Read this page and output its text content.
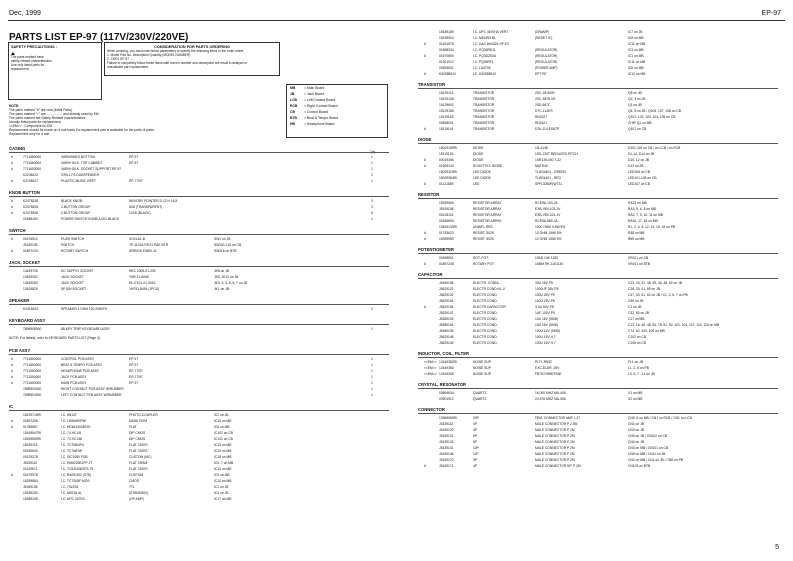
Dec, 1999	EP-97
PARTS LIST EP-97 (117V/230V/220VE)
SAFETY PRECAUTIONS :
The parts marked have
safety-related characteristics.
Use only listed parts for
replacement.
CONSIDERATION FOR PARTS ORDERING
When ordering, you must note below paramaters to specify the following items in the order sheet.
1. Model Part No. Description Quantity (MODEL NUMBER)
2. J3001 EP-97 ...
Failure to completely follow these items with correct number and description will result in delayed or
unavailable part replacement.
NOTE:
The parts marked "#" are new (Initial Parts).
The parts marked "+" are ................. and already used by EM.
The parts marked are Safety-Related characteristics.
Usually listed parts for replacement.
<<EM>> : Component for EM.
Replacement should be made on a unit basis if a replacement part is available for the parts of parts.
Replacement only for a unit.
MB	= Main Board
JB	= Jack Board
LCB = Left Contact Board
RCB = Right Contact Board
CB	= Control Board
BTB = Beat & Tempo Board
HB	= Headphone Board
CASING
#	7711669000	VARNISHED BOTTOM	EP-97	1
#	7711660000	VARN+SILK. TOP CABINET	EP-97	1
#	7711603000	VARN+SILK. SOCKET SUPPORT EP-97	1
K2248122	GRILL F/LOUDSPEAKER	2
#	K2198107	PLASTIC MUSIC REST	EP-77/97	1
KNOB BUTTON
#	K2478238	BLACK KNOB	W/IVORY POINTER D.12 H.16,5	3
#	K2478208	2-BUTTON GROUP	8X8 (TRANSPARENT)	3
#	K2478308	2-BUTTON GROUP	12X8 (BLACK)	5
22488183	POWER SWITCH KNOB A.001-BLACK	1
SWITCH
#	01676512	PUSH SWITCH	SCKLA1-B	SW1 on JB
J3169105	SWITCH	TP-1101A F/E/O-PAE 05 R	SW101-115 on CB
#	01897234	ROTARY SWITCH	SRBV15-F0820-11	SW116 on BTB
JACK, SOCKET
13449726	DC SUPPLY SOCKET	HEC 2305-01-230	JK8 on JB
13449252	JACK SOCKET	YKB 21-6006	JK5, JK10 on JB
13449283	JACK SOCKET	HLJ7101-01-3010	JK3, 3, 4, 5, 6, 7 on JB
13429825	5P DIN SOCKET	YKF51-5054 (JPCS)	JK1 on JB
SPEAKER
K2418103	SPEAKER 4 OHM 120,20W/FX	2
KEYBOARD ASSY
7698908000	88-KEY TP8P KEYBOARD ASSY	1
NOTE: For details, refer to KEYBOARD PARTS LIST (Page 4).
PCB ASSY
#	7711600000	CONTROL PCB ASSY	EP-97	1
#	7711600000	BEAT & TEMPO PCB ASSY	EP-97	1
#	7711550000	HEADPHONE PCB ASSY	EP-77/97	1
#	7711500000	JACK PCB ASSY	EP-77/97	1
#	7711600000	MAIN PCB ASSY	EP-97	1
7698903000	RIGHT CONTACT PCB ASSY W/RUBBER	1
7698904000	LEFT CONTACT PCB ASSY W/RUBBER	1
IC
15229718RI	I.C. 6N137	PHOTO-COUPLER	IC2 on JB
#	01897256	I.C. LH5MHERW	MASK ROM	IC16 on MB
#	01786667	I.C. HD6413006F20	FLAT	IC6 on MB
15169547RI	I.C. 74 HC 08	DIP CMOS	IC102 on CB
15169550RI	I.C. 74 HC138	DIP CMOS	IC101 on CB
15249115	I.C. TC7W04FU	FLAT CMOS	IC13 on MB
00330640	I.C. TC7WH4F	FLAT CMOS	IC20 on MB
00129278	I.C. ISC1080 FOB	CUSTOM (MC)	IC18 on MB
J5259110	I.C. HM6225ELFP-7T	FLAT SRAM	IC5, 7 on MB
01129672	I.C. TC5416302FS-T5	FLAT CMOS	IC14 on MB
#	01679978	I.C. RA09-002 (X76)	CUSTOM	IC9 on MB
15259884	I.C. TC7S08F MOS	CMOS	IC10 on MB
J5169106	I.C. 74LS04	TTL	IC1 on JB
15189250	I.C. M5218 AL	(STANDING)	IC4 on JB
15289105	I.C. UPC 4570G	(OP AMP)	IC17 on MB
15189189	I.C. UPC 4570HA VERT	(DRAMP)	IC7 on JB
15199904	I.C. M51953 BL	(RESET IC)	IC8 on MB
#	01451578	I.C. DAC AK4324-VF-E2	IC11 on MB
01898334	I.C. PQ05RD11	(REGULATOR)	IC3 on MB
#	01670890	I.C. PQ3DZ53U	(REGULATOR)	IC1 on MB
01901012	I.C. PQ05RF1	(REGULATOR)	IC11 on MB
00553601	I.C. LA4705	(POWER AMP)	IC8 on MB
#	K52585910	I.C. K52585910	EP7797	IC10 on MB
TRANSISTOR
15129114	TRANSISTOR	2SC-1815GR	Q8 on JB
15129136	TRANSISTOR	2SC-3878-VS	Q2, 3 on JB
15129692	TRANSISTOR	2SD-667C	Q1 on JB
15129186	TRANSISTOR	DTC-114ES	Q4, 5 on JB / Q105, 107, 108 on CB
15119163	TRANSISTOR	RN2227	Q101, 102, 103, 104, 105 on CB
00898001	TRANSISTOR	RN2421	CHIP Q1 on MB
#	15119141	TRANSISTOR	DTA-114 ESATP	Q101 on CB
DIODE
15019159RI	DIODE	1N-4148	D101-115 on CB / on LCB / on RCB
15119126	DIODE	1SS-133T REDUCED PITCH	D1-14, D14 on JB
#	00019356	DIODE	1SR139-400 T-32	D10, 12 on JB
#	01905134	SCHOTTKY DIODE	MATD40	D13 on JB
15029320RI	LED DIODE	TLHG4401 - GREEN	LED106 on CB
15029384RI	LED DIODE	TLHR4401 - RED	LED101-105 on CB
#	01121689	LED	SPR-325MVWT31	LED107 on CB
RESISTOR
15399965	RESISTOR ARRAY	RCE9A-103-JA	RA13 on MB
J3919108	RESISTOR ARRAY	EXB-V8V-103-JV	RA3, 5, 6, 8 on MB
00128101	RESISTOR ARRAY	EXB-V8V-221-JV	RA2, 7, 9, 10, 11 on MB
00346690	RESISTOR ARRAY	RCE9A-680-JA	RA16, 17, 18 on MB
13819133RI	UNINFL RES.	1000 OHM 0.6W 5%	R1, 2, 4, 5, 12, 13, 15, 16 on PB
#	01783623	RESIST. 5025	10 OHM 1/6W 5%	R38 on MB
#	15399989	RESIST. 5025	10 OHM 1/6W 5%	R65 on MB
POTENTIOMETER
00459901	ROT. POT.	10KB 14K 1230	VR101 on CB
#	01897245	ROTARY POT.	16MM RK 11K1140	VR101 on BTB
CAPACITOR
J3469156	ELECTR. CONDL.	33U 16V P5	C23, 24, 31, 38, 39, 46, 48, 52 on JB
J3629122	ELECTR.COND.NL-V	1000UF 25V P5	C28, 33, 41, 59 on JB
J3629102	ELECTR.COND.	100U 25V P5	C47, 53, 61, 62 on JB / C1, 2, 6, 7 on PB
J3629104	ELECTR.COND.	100U 25V P5	C56 on JB
#	J3629154	ELECTR.CAPACITOR	3,3U 50V P5	C1 on JB
J3629107	ELECTR.COND.	1UF 100V P5	C32, 50 on JB
J5369103	ELECTR.COND.	10U 16V (SMD)	C17 on MB
J5369104	ELECTR.COND.	10U 16V (SMD)	C13, 16, 45, 48, 54, 78, 81, 92, 101, 104, 107, 110, 115 on MB
J5369105	ELECTR.COND.	100U 16V (SMD)	C74, 82, 103, 109 on MB
J3629148	ELECTR.COND.	100U 16V H,7	C102 on CB
J3629149	ELECTR.COND.	100U 16V H,7	C108 on CB
INDUCTOR, COIL, FILTER
<<EM>> 12449382RI	NOISE SUP.	PLT1-R53C	FL1 on JB
<<EM>> 12449380	NOISE SUP.	EXC-ELDR. 25V	L1, 2, 6 on PB
<<EM>> 12449355	NOISE SUP.	FB70/7H850TB00	L3, 5, 7 - 11 on JB
CRYSTAL, RESONATOR
00894634	QUARTZ	16,000 MHZ MA-406	X1 on MB
00901912	QUARTZ	24,576 MHZ MA-406	X2 on MB
CONNECTOR
13369080RI	20P	FEM. CONNECTOR AMP 1.27	CN5, 6 on MB / CN1 on RCB / CN1 on LCB
J3439112	4P	MALE CONNECTOR P 2.5M	CN4 on JB
J3439120	3P	MALE CONNECTOR P 2M	CN3 on JB
J3439121	6P	MALE CONNECTOR P 2M	CN5 on JB / CN102 on CB
J3439125	5P	MALE CONNECTOR P 2M	CN4 on JB
J3439141	10P	MALE CONNECTOR P 2M	CN3 on MB / CN101 on CB
J3439146	11P	MALE CONNECTOR P 2M	CN8 on MB / CN11 on JB
J3439170	3P	MALE CONNECTOR P 2M	CN2 on MB / CN1 on JB / CN6 on PB
#	J3439171	4P	MALE CONNECTOR 90° P 2M	CN103 on BTB
5
